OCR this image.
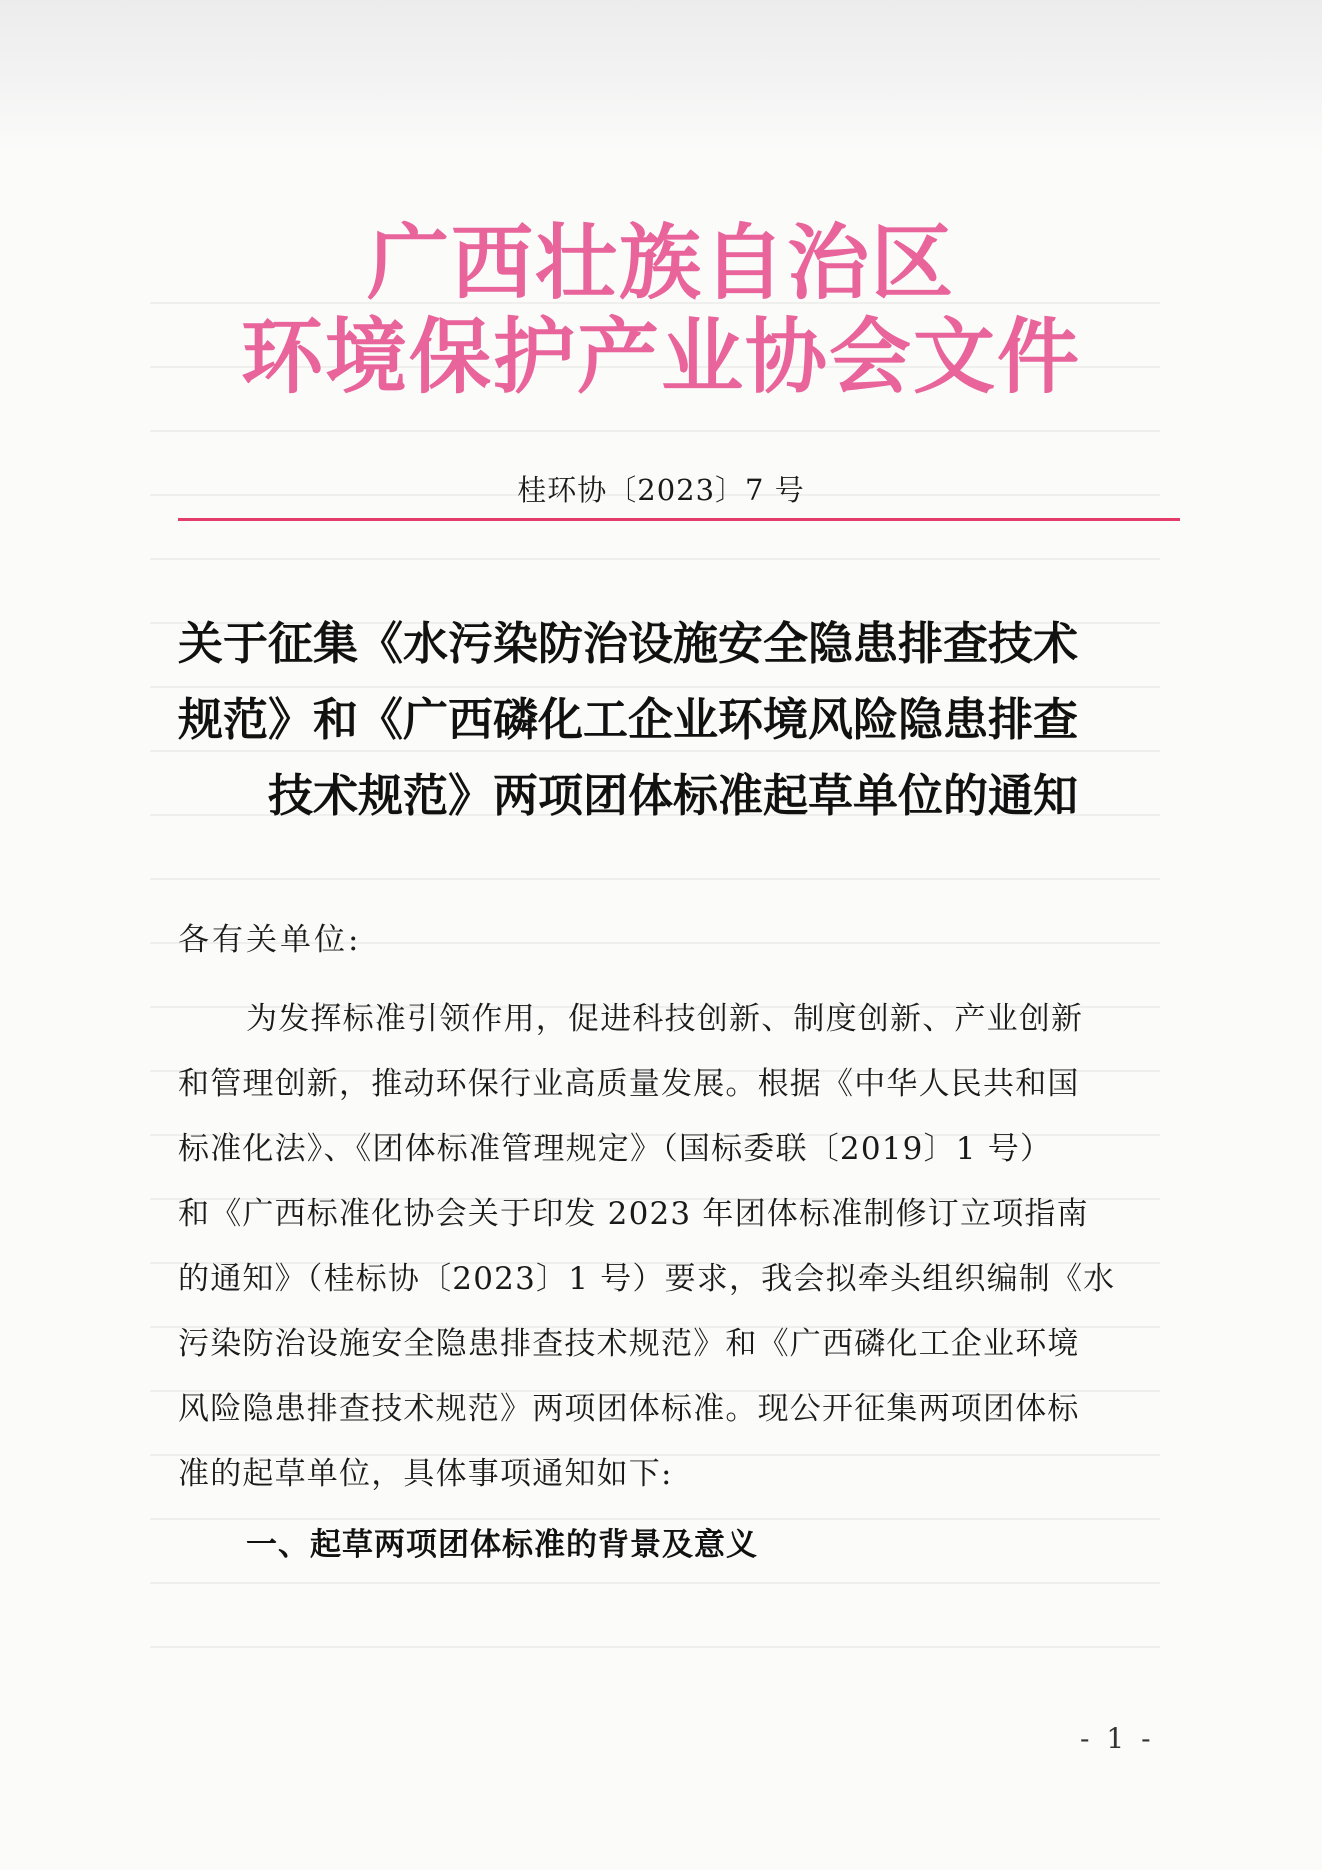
广西壮族自治区
环境保护产业协会文件
桂环协〔2023〕7 号
关于征集《水污染防治设施安全隐患排查技术
规范》和《广西磷化工企业环境风险隐患排查
技术规范》两项团体标准起草单位的通知
各有关单位:
为发挥标准引领作用，促进科技创新、制度创新、产业创新
和管理创新，推动环保行业高质量发展。根据《中华人民共和国
标准化法》、《团体标准管理规定》（国标委联〔2019〕1 号）
和《广西标准化协会关于印发 2023 年团体标准制修订立项指南
的通知》（桂标协〔2023〕1 号）要求，我会拟牵头组织编制《水
污染防治设施安全隐患排查技术规范》和《广西磷化工企业环境
风险隐患排查技术规范》两项团体标准。现公开征集两项团体标
准的起草单位，具体事项通知如下:
一、起草两项团体标准的背景及意义
- 1 -
